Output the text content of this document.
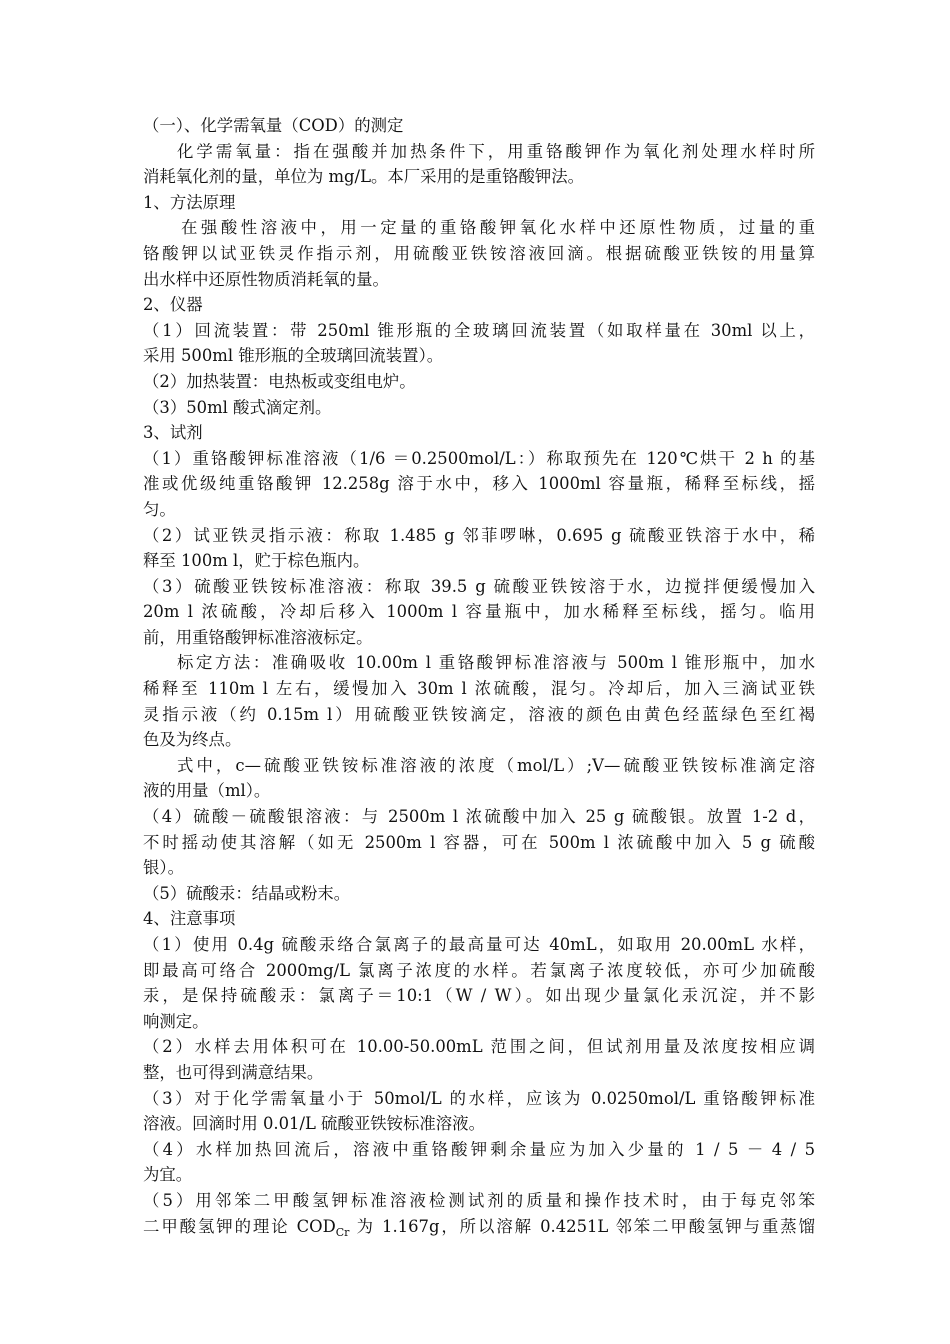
（一）、化学需氧量（COD）的测定
化学需氧量：指在强酸并加热条件下，用重铬酸钾作为氧化剂处理水样时所
消耗氧化剂的量，单位为 mg/L。本厂采用的是重铬酸钾法。
1、方法原理
在强酸性溶液中，用一定量的重铬酸钾氧化水样中还原性物质，过量的重
铬酸钾以试亚铁灵作指示剂，用硫酸亚铁铵溶液回滴。根据硫酸亚铁铵的用量算
出水样中还原性物质消耗氧的量。
2、仪器
（1）回流装置：带 250ml 锥形瓶的全玻璃回流装置（如取样量在 30ml 以上，
采用 500ml 锥形瓶的全玻璃回流装置）。
（2）加热装置：电热板或变组电炉。
（3）50ml 酸式滴定剂。
3、试剂
（1）重铬酸钾标准溶液（1/6 ＝0.2500mol/L：）称取预先在 120℃烘干 2 h 的基
准或优级纯重铬酸钾 12.258g 溶于水中，移入 1000ml 容量瓶，稀释至标线，摇
匀。
（2）试亚铁灵指示液：称取 1.485 g 邻菲啰啉，0.695 g 硫酸亚铁溶于水中，稀
释至 100m l，贮于棕色瓶内。
（3）硫酸亚铁铵标准溶液：称取 39.5 g 硫酸亚铁铵溶于水，边搅拌便缓慢加入
20m l 浓硫酸，冷却后移入 1000m l 容量瓶中，加水稀释至标线，摇匀。临用
前，用重铬酸钾标准溶液标定。
标定方法：准确吸收 10.00m l 重铬酸钾标准溶液与 500m l 锥形瓶中，加水
稀释至 110m l 左右，缓慢加入 30m l 浓硫酸，混匀。冷却后，加入三滴试亚铁
灵指示液（约 0.15m l）用硫酸亚铁铵滴定，溶液的颜色由黄色经蓝绿色至红褐
色及为终点。
式中，c—硫酸亚铁铵标准溶液的浓度（mol/L）;V—硫酸亚铁铵标准滴定溶
液的用量（ml）。
（4）硫酸－硫酸银溶液：与 2500m l 浓硫酸中加入 25 g 硫酸银。放置 1-2 d，
不时摇动使其溶解（如无 2500m l 容器，可在 500m l 浓硫酸中加入 5 g 硫酸
银）。
（5）硫酸汞：结晶或粉末。
4、注意事项
（1）使用 0.4g 硫酸汞络合氯离子的最高量可达 40mL，如取用 20.00mL 水样，
即最高可络合 2000mg/L 氯离子浓度的水样。若氯离子浓度较低，亦可少加硫酸
汞，是保持硫酸汞：氯离子＝10:1（W / W）。如出现少量氯化汞沉淀，并不影
响测定。
（2）水样去用体积可在 10.00-50.00mL 范围之间，但试剂用量及浓度按相应调
整，也可得到满意结果。
（3）对于化学需氧量小于 50mol/L 的水样，应该为 0.0250mol/L 重铬酸钾标准
溶液。回滴时用 0.01/L 硫酸亚铁铵标准溶液。
（4）水样加热回流后，溶液中重铬酸钾剩余量应为加入少量的 1 / 5 － 4 / 5
为宜。
（5）用邻笨二甲酸氢钾标准溶液检测试剂的质量和操作技术时，由于每克邻笨
二甲酸氢钾的理论 $COD_{Cr}$ 为 1.167g，所以溶解 0.4251L 邻笨二甲酸氢钾与重蒸馏
